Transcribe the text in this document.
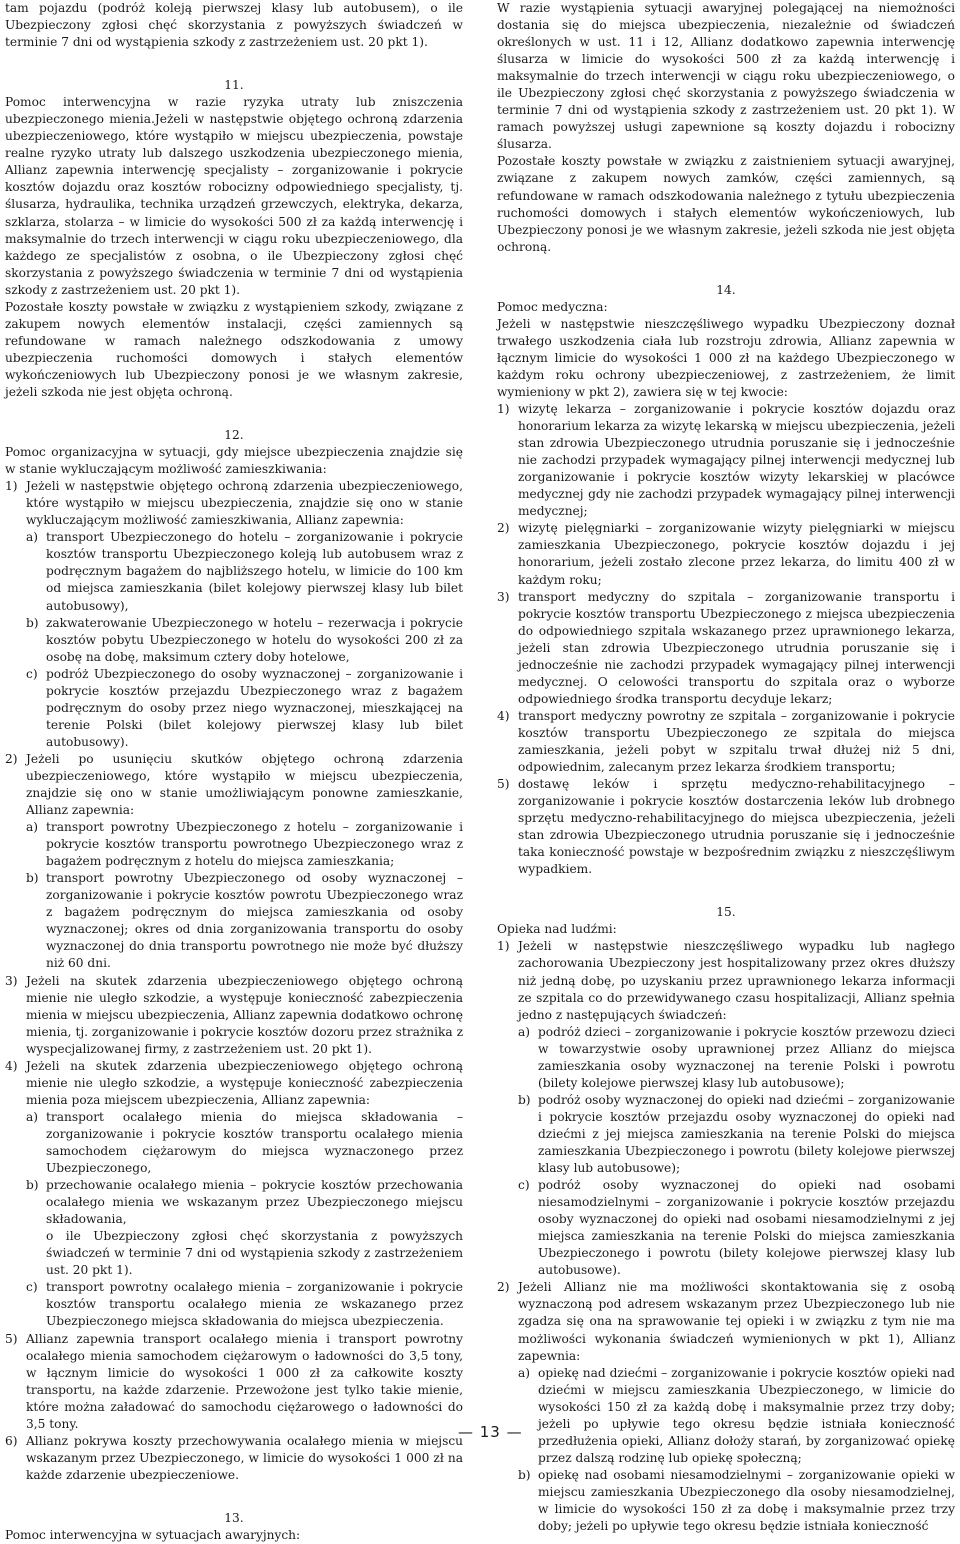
tam pojazdu (podróż koleją pierwszej klasy lub autobusem), o ile Ubezpieczony zgłosi chęć skorzystania z powyższych świadczeń w terminie 7 dni od wystąpienia szkody z zastrzeżeniem ust. 20 pkt 1).

11.

Pomoc interwencyjna w razie ryzyka utraty lub zniszczenia ubezpieczonego mienia.Jeżeli w następstwie objętego ochroną zdarzenia ubezpieczeniowego, które wystąpiło w miejscu ubezpieczenia, powstaje realne ryzyko utraty lub dalszego uszkodzenia ubezpieczonego mienia, Allianz zapewnia interwencję specjalisty – zorganizowanie i pokrycie kosztów dojazdu oraz kosztów robocizny odpowiedniego specjalisty, tj. ślusarza, hydraulika, technika urządzeń grzewczych, elektryka, dekarza, szklarza, stolarza – w limicie do wysokości 500 zł za każdą interwencję i maksymalnie do trzech interwencji w ciągu roku ubezpieczeniowego, dla każdego ze specjalistów z osobna, o ile Ubezpieczony zgłosi chęć skorzystania z powyższego świadczenia w terminie 7 dni od wystąpienia szkody z zastrzeżeniem ust. 20 pkt 1).

Pozostałe koszty powstałe w związku z wystąpieniem szkody, związane z zakupem nowych elementów instalacji, części zamiennych są refundowane w ramach należnego odszkodowania z umowy ubezpieczenia ruchomości domowych i stałych elementów wykończeniowych lub Ubezpieczony ponosi je we własnym zakresie, jeżeli szkoda nie jest objęta ochroną.

12.

Pomoc organizacyjna w sytuacji, gdy miejsce ubezpieczenia znajdzie się w stanie wykluczającym możliwość zamieszkiwania:

1) Jeżeli w następstwie objętego ochroną zdarzenia ubezpieczeniowego, które wystąpiło w miejscu ubezpieczenia, znajdzie się ono w stanie wykluczającym możliwość zamieszkiwania, Allianz zapewnia:
a) transport Ubezpieczonego do hotelu – zorganizowanie i pokrycie kosztów transportu Ubezpieczonego koleją lub autobusem wraz z podręcznym bagażem do najbliższego hotelu, w limicie do 100 km od miejsca zamieszkania (bilet kolejowy pierwszej klasy lub bilet autobusowy),
b) zakwaterowanie Ubezpieczonego w hotelu – rezerwacja i pokrycie kosztów pobytu Ubezpieczonego w hotelu do wysokości 200 zł za osobę na dobę, maksimum cztery doby hotelowe,
c) podróż Ubezpieczonego do osoby wyznaczonej – zorganizowanie i pokrycie kosztów przejazdu Ubezpieczonego wraz z bagażem podręcznym do osoby przez niego wyznaczonej, mieszkającej na terenie Polski (bilet kolejowy pierwszej klasy lub bilet autobusowy).
2) Jeżeli po usunięciu skutków objętego ochroną zdarzenia ubezpieczeniowego, które wystąpiło w miejscu ubezpieczenia, znajdzie się ono w stanie umożliwiającym ponowne zamieszkanie, Allianz zapewnia:
a) transport powrotny Ubezpieczonego z hotelu – zorganizowanie i pokrycie kosztów transportu powrotnego Ubezpieczonego wraz z bagażem podręcznym z hotelu do miejsca zamieszkania;
b) transport powrotny Ubezpieczonego od osoby wyznaczonej – zorganizowanie i pokrycie kosztów powrotu Ubezpieczonego wraz z bagażem podręcznym do miejsca zamieszkania od osoby wyznaczonej; okres od dnia zorganizowania transportu do osoby wyznaczonej do dnia transportu powrotnego nie może być dłuższy niż 60 dni.
3) Jeżeli na skutek zdarzenia ubezpieczeniowego objętego ochroną mienie nie uległo szkodzie, a występuje konieczność zabezpieczenia mienia w miejscu ubezpieczenia, Allianz zapewnia dodatkowo ochronę mienia, tj. zorganizowanie i pokrycie kosztów dozoru przez strażnika z wyspecjalizowanej firmy, z zastrzeżeniem ust. 20 pkt 1).
4) Jeżeli na skutek zdarzenia ubezpieczeniowego objętego ochroną mienie nie uległo szkodzie, a występuje konieczność zabezpieczenia mienia poza miejscem ubezpieczenia, Allianz zapewnia:
a) transport ocalałego mienia do miejsca składowania – zorganizowanie i pokrycie kosztów transportu ocalałego mienia samochodem ciężarowym do miejsca wyznaczonego przez Ubezpieczonego,
b) przechowanie ocalałego mienia – pokrycie kosztów przechowania ocalałego mienia we wskazanym przez Ubezpieczonego miejscu składowania,
o ile Ubezpieczony zgłosi chęć skorzystania z powyższych świadczeń w terminie 7 dni od wystąpienia szkody z zastrzeżeniem ust. 20 pkt 1).
c) transport powrotny ocalałego mienia – zorganizowanie i pokrycie kosztów transportu ocalałego mienia ze wskazanego przez Ubezpieczonego miejsca składowania do miejsca ubezpieczenia.
5) Allianz zapewnia transport ocalałego mienia i transport powrotny ocalałego mienia samochodem ciężarowym o ładowności do 3,5 tony, w łącznym limicie do wysokości 1 000 zł za całkowite koszty transportu, na każde zdarzenie. Przewożone jest tylko takie mienie, które można załadować do samochodu ciężarowego o ładowności do 3,5 tony.
6) Allianz pokrywa koszty przechowywania ocalałego mienia w miejscu wskazanym przez Ubezpieczonego, w limicie do wysokości 1 000 zł na każde zdarzenie ubezpieczeniowe.

13.

Pomoc interwencyjna w sytuacjach awaryjnych:

W razie wystąpienia sytuacji awaryjnej polegającej na niemożności dostania się do miejsca ubezpieczenia, niezależnie od świadczeń określonych w ust. 11 i 12, Allianz dodatkowo zapewnia interwencję ślusarza w limicie do wysokości 500 zł za każdą interwencję i maksymalnie do trzech interwencji w ciągu roku ubezpieczeniowego, o ile Ubezpieczony zgłosi chęć skorzystania z powyższego świadczenia w terminie 7 dni od wystąpienia szkody z zastrzeżeniem ust. 20 pkt 1). W ramach powyższej usługi zapewnione są koszty dojazdu i robocizny ślusarza.

Pozostałe koszty powstałe w związku z zaistnieniem sytuacji awaryjnej, związane z zakupem nowych zamków, części zamiennych, są refundowane w ramach odszkodowania należnego z tytułu ubezpieczenia ruchomości domowych i stałych elementów wykończeniowych, lub Ubezpieczony ponosi je we własnym zakresie, jeżeli szkoda nie jest objęta ochroną.

14.

Pomoc medyczna:

Jeżeli w następstwie nieszczęśliwego wypadku Ubezpieczony doznał trwałego uszkodzenia ciała lub rozstroju zdrowia, Allianz zapewnia w łącznym limicie do wysokości 1 000 zł na każdego Ubezpieczonego w każdym roku ochrony ubezpieczeniowej, z zastrzeżeniem, że limit wymieniony w pkt 2), zawiera się w tej kwocie:

1) wizytę lekarza – zorganizowanie i pokrycie kosztów dojazdu oraz honorarium lekarza za wizytę lekarską w miejscu ubezpieczenia, jeżeli stan zdrowia Ubezpieczonego utrudnia poruszanie się i jednocześnie nie zachodzi przypadek wymagający pilnej interwencji medycznej lub zorganizowanie i pokrycie kosztów wizyty lekarskiej w placówce medycznej gdy nie zachodzi przypadek wymagający pilnej interwencji medycznej;
2) wizytę pielęgniarki – zorganizowanie wizyty pielęgniarki w miejscu zamieszkania Ubezpieczonego, pokrycie kosztów dojazdu i jej honorarium, jeżeli zostało zlecone przez lekarza, do limitu 400 zł w każdym roku;
3) transport medyczny do szpitala – zorganizowanie transportu i pokrycie kosztów transportu Ubezpieczonego z miejsca ubezpieczenia do odpowiedniego szpitala wskazanego przez uprawnionego lekarza, jeżeli stan zdrowia Ubezpieczonego utrudnia poruszanie się i jednocześnie nie zachodzi przypadek wymagający pilnej interwencji medycznej. O celowości transportu do szpitala oraz o wyborze odpowiedniego środka transportu decyduje lekarz;
4) transport medyczny powrotny ze szpitala – zorganizowanie i pokrycie kosztów transportu Ubezpieczonego ze szpitala do miejsca zamieszkania, jeżeli pobyt w szpitalu trwał dłużej niż 5 dni, odpowiednim, zalecanym przez lekarza środkiem transportu;
5) dostawę leków i sprzętu medyczno-rehabilitacyjnego – zorganizowanie i pokrycie kosztów dostarczenia leków lub drobnego sprzętu medyczno-rehabilitacyjnego do miejsca ubezpieczenia, jeżeli stan zdrowia Ubezpieczonego utrudnia poruszanie się i jednocześnie taka konieczność powstaje w bezpośrednim związku z nieszczęśliwym wypadkiem.

15.

Opieka nad ludźmi:

1) Jeżeli w następstwie nieszczęśliwego wypadku lub nagłego zachorowania Ubezpieczony jest hospitalizowany przez okres dłuższy niż jedną dobę, po uzyskaniu przez uprawnionego lekarza informacji ze szpitala co do przewidywanego czasu hospitalizacji, Allianz spełnia jedno z następujących świadczeń:
a) podróż dzieci – zorganizowanie i pokrycie kosztów przewozu dzieci w towarzystwie osoby uprawnionej przez Allianz do miejsca zamieszkania osoby wyznaczonej na terenie Polski i powrotu (bilety kolejowe pierwszej klasy lub autobusowe);
b) podróż osoby wyznaczonej do opieki nad dziećmi – zorganizowanie i pokrycie kosztów przejazdu osoby wyznaczonej do opieki nad dziećmi z jej miejsca zamieszkania na terenie Polski do miejsca zamieszkania Ubezpieczonego i powrotu (bilety kolejowe pierwszej klasy lub autobusowe);
c) podróż osoby wyznaczonej do opieki nad osobami niesamodzielnymi – zorganizowanie i pokrycie kosztów przejazdu osoby wyznaczonej do opieki nad osobami niesamodzielnymi z jej miejsca zamieszkania na terenie Polski do miejsca zamieszkania Ubezpieczonego i powrotu (bilety kolejowe pierwszej klasy lub autobusowe).
2) Jeżeli Allianz nie ma możliwości skontaktowania się z osobą wyznaczoną pod adresem wskazanym przez Ubezpieczonego lub nie zgadza się ona na sprawowanie tej opieki i w związku z tym nie ma możliwości wykonania świadczeń wymienionych w pkt 1), Allianz zapewnia:
a) opiekę nad dziećmi – zorganizowanie i pokrycie kosztów opieki nad dziećmi w miejscu zamieszkania Ubezpieczonego, w limicie do wysokości 150 zł za każdą dobę i maksymalnie przez trzy doby; jeżeli po upływie tego okresu będzie istniała konieczność przedłużenia opieki, Allianz dołoży starań, by zorganizować opiekę przez dalszą rodzinę lub opiekę społeczną;
b) opiekę nad osobami niesamodzielnymi – zorganizowanie opieki w miejscu zamieszkania Ubezpieczonego dla osoby niesamodzielnej, w limicie do wysokości 150 zł za dobę i maksymalnie przez trzy doby; jeżeli po upływie tego okresu będzie istniała konieczność
— 13 —
